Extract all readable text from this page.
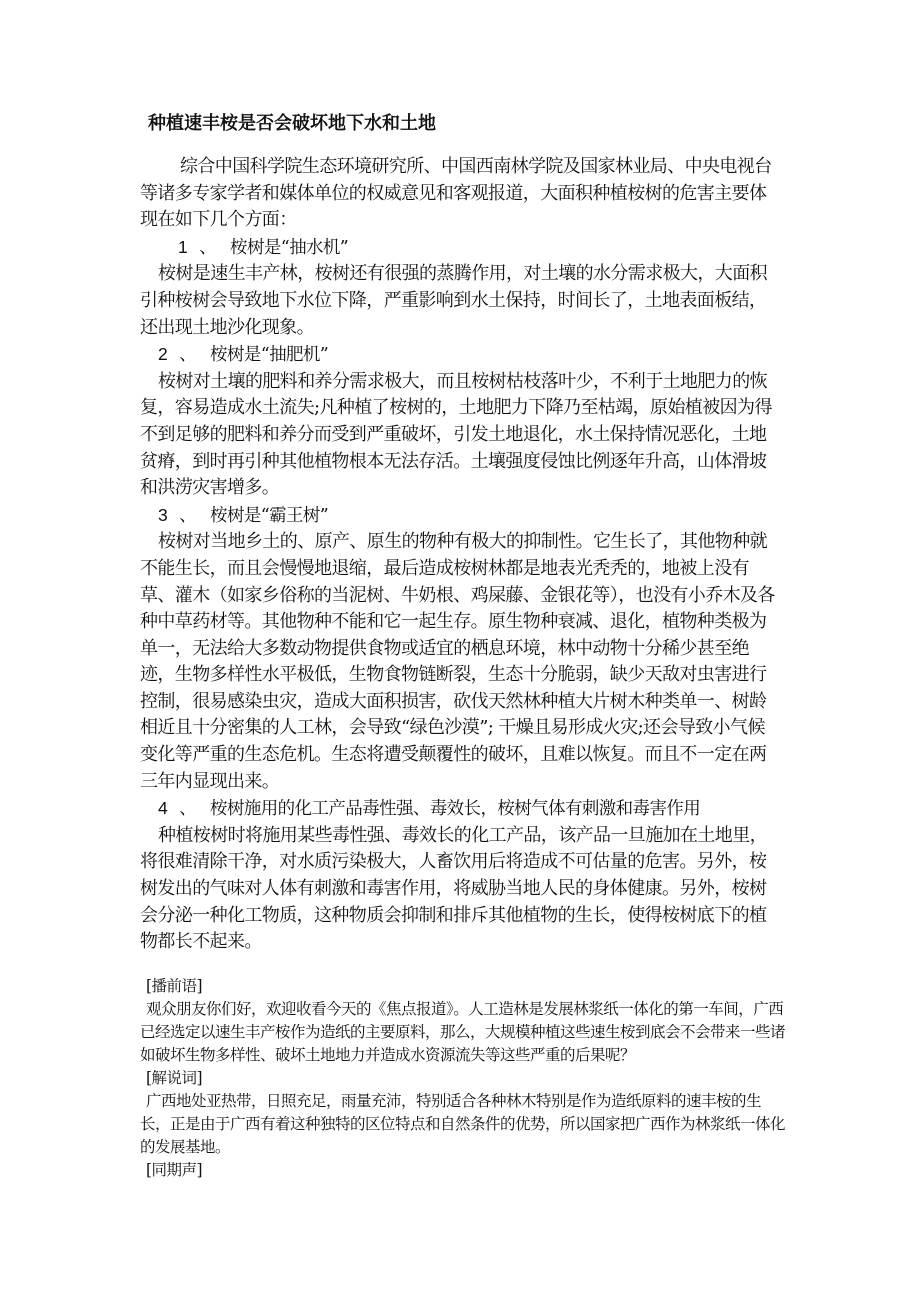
种植速丰桉是否会破坏地下水和土地

综合中国科学院生态环境研究所、中国西南林学院及国家林业局、中央电视台等诸多专家学者和媒体单位的权威意见和客观报道，大面积种植桉树的危害主要体现在如下几个方面：

1 、 桉树是“抽水机”

桉树是速生丰产林，桉树还有很强的蒸腾作用，对土壤的水分需求极大，大面积引种桉树会导致地下水位下降，严重影响到水土保持，时间长了，土地表面板结，还出现土地沙化现象。

2 、 桉树是“抽肥机”

桉树对土壤的肥料和养分需求极大，而且桉树枯枝落叶少，不利于土地肥力的恢复，容易造成水土流失;凡种植了桉树的，土地肥力下降乃至枯竭，原始植被因为得不到足够的肥料和养分而受到严重破坏，引发土地退化，水土保持情况恶化，土地贫瘠，到时再引种其他植物根本无法存活。土壤强度侵蚀比例逐年升高，山体滑坡和洪涝灾害增多。

3 、 桉树是“霸王树”

桉树对当地乡土的、原产、原生的物种有极大的抑制性。它生长了，其他物种就不能生长，而且会慢慢地退缩，最后造成桉树林都是地表光秃秃的，地被上没有草、灌木（如家乡俗称的当泥树、牛奶根、鸡屎藤、金银花等），也没有小乔木及各种中草药材等。其他物种不能和它一起生存。原生物种衰减、退化，植物种类极为单一，无法给大多数动物提供食物或适宜的栖息环境，林中动物十分稀少甚至绝迹，生物多样性水平极低，生物食物链断裂，生态十分脆弱，缺少天敌对虫害进行控制，很易感染虫灾，造成大面积损害，砍伐天然林种植大片树木种类单一、树龄相近且十分密集的人工林，会导致“绿色沙漠”; 干燥且易形成火灾;还会导致小气候变化等严重的生态危机。生态将遭受颠覆性的破坏，且难以恢复。而且不一定在两三年内显现出来。

4 、 桉树施用的化工产品毒性强、毒效长，桉树气体有刺激和毒害作用

种植桉树时将施用某些毒性强、毒效长的化工产品，该产品一旦施加在土地里，将很难清除干净，对水质污染极大，人畜饮用后将造成不可估量的危害。另外，桉树发出的气味对人体有刺激和毒害作用，将威胁当地人民的身体健康。另外，桉树会分泌一种化工物质，这种物质会抑制和排斥其他植物的生长，使得桉树底下的植物都长不起来。

[播前语]

观众朋友你们好，欢迎收看今天的《焦点报道》。人工造林是发展林浆纸一体化的第一车间，广西已经选定以速生丰产桉作为造纸的主要原料，那么，大规模种植这些速生桉到底会不会带来一些诸如破坏生物多样性、破坏土地地力并造成水资源流失等这些严重的后果呢？

[解说词]

广西地处亚热带，日照充足，雨量充沛，特别适合各种林木特别是作为造纸原料的速丰桉的生长，正是由于广西有着这种独特的区位特点和自然条件的优势，所以国家把广西作为林浆纸一体化的发展基地。

[同期声]
